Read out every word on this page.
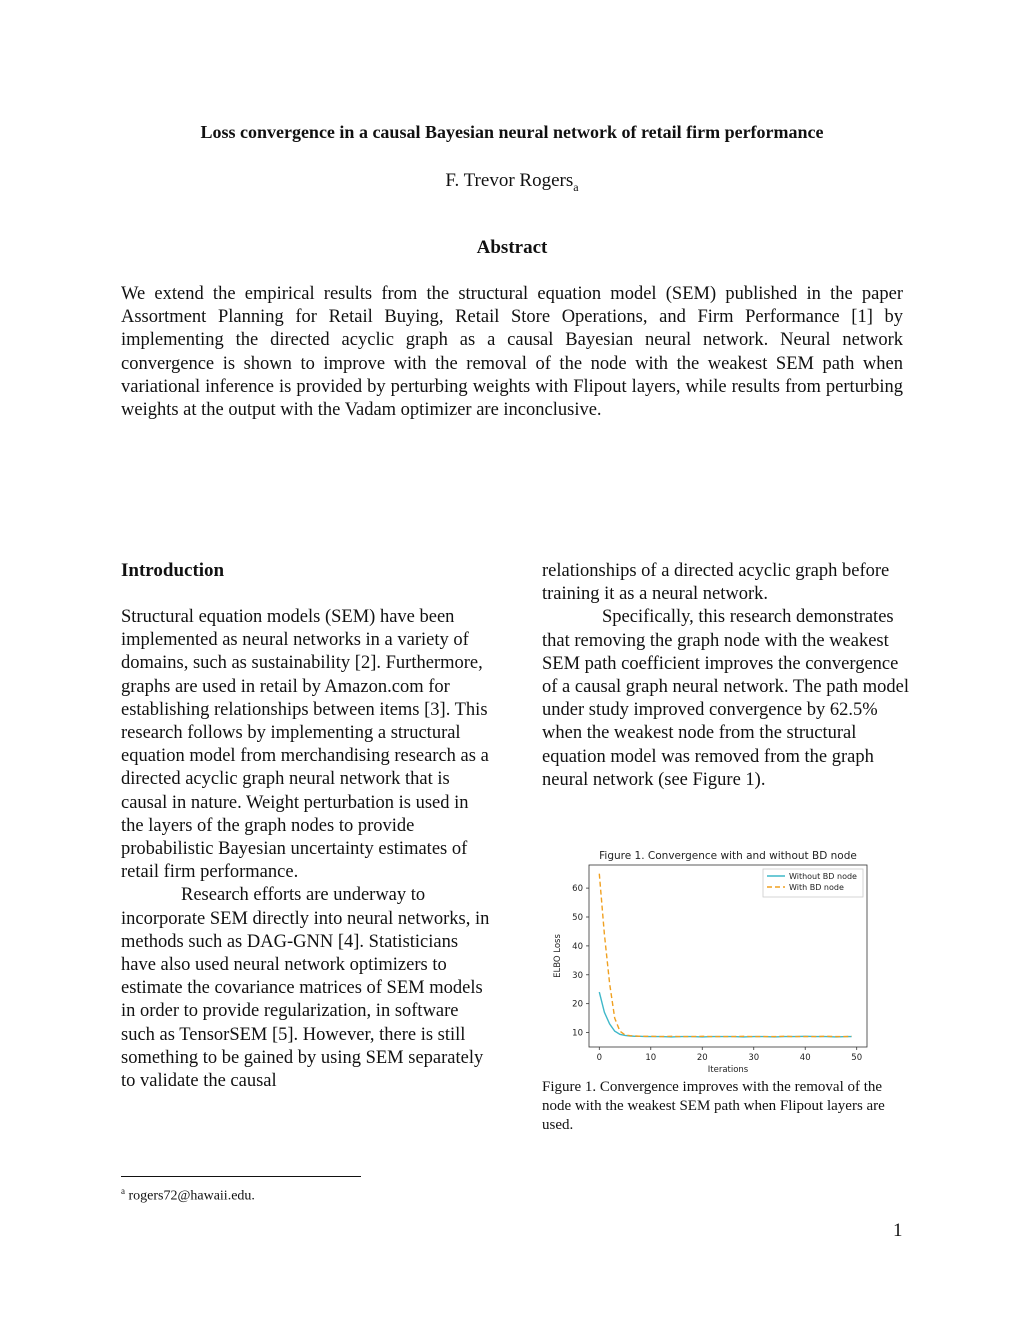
Loss convergence in a causal Bayesian neural network of retail firm performance
F. Trevor Rogers$_a$
Abstract
We extend the empirical results from the structural equation model (SEM) published in the paper Assortment Planning for Retail Buying, Retail Store Operations, and Firm Performance [1] by implementing the directed acyclic graph as a causal Bayesian neural network. Neural network convergence is shown to improve with the removal of the node with the weakest SEM path when variational inference is provided by perturbing weights with Flipout layers, while results from perturbing weights at the output with the Vadam optimizer are inconclusive.
Introduction

Structural equation models (SEM) have been implemented as neural networks in a variety of domains, such as sustainability [2]. Furthermore, graphs are used in retail by Amazon.com for establishing relationships between items [3]. This research follows by implementing a structural equation model from merchandising research as a directed acyclic graph neural network that is causal in nature. Weight perturbation is used in the layers of the graph nodes to provide probabilistic Bayesian uncertainty estimates of retail firm performance.

Research efforts are underway to incorporate SEM directly into neural networks, in methods such as DAG-GNN [4]. Statisticians have also used neural network optimizers to estimate the covariance matrices of SEM models in order to provide regularization, in software such as TensorSEM [5]. However, there is still something to be gained by using SEM separately to validate the causal

relationships of a directed acyclic graph before training it as a neural network.

Specifically, this research demonstrates that removing the graph node with the weakest SEM path coefficient improves the convergence of a causal graph neural network. The path model under study improved convergence by 62.5% when the weakest node from the structural equation model was removed from the graph neural network (see Figure 1).

Figure 1. Convergence with and without BD node
0	10	20	30	40	50
10
20
30
40
50
60
Iterations
ELBO Loss
Without BD node
With BD node
Figure 1. Convergence improves with the removal of the node with the weakest SEM path when Flipout layers are used.
$^a$ rogers72@hawaii.edu.
1
